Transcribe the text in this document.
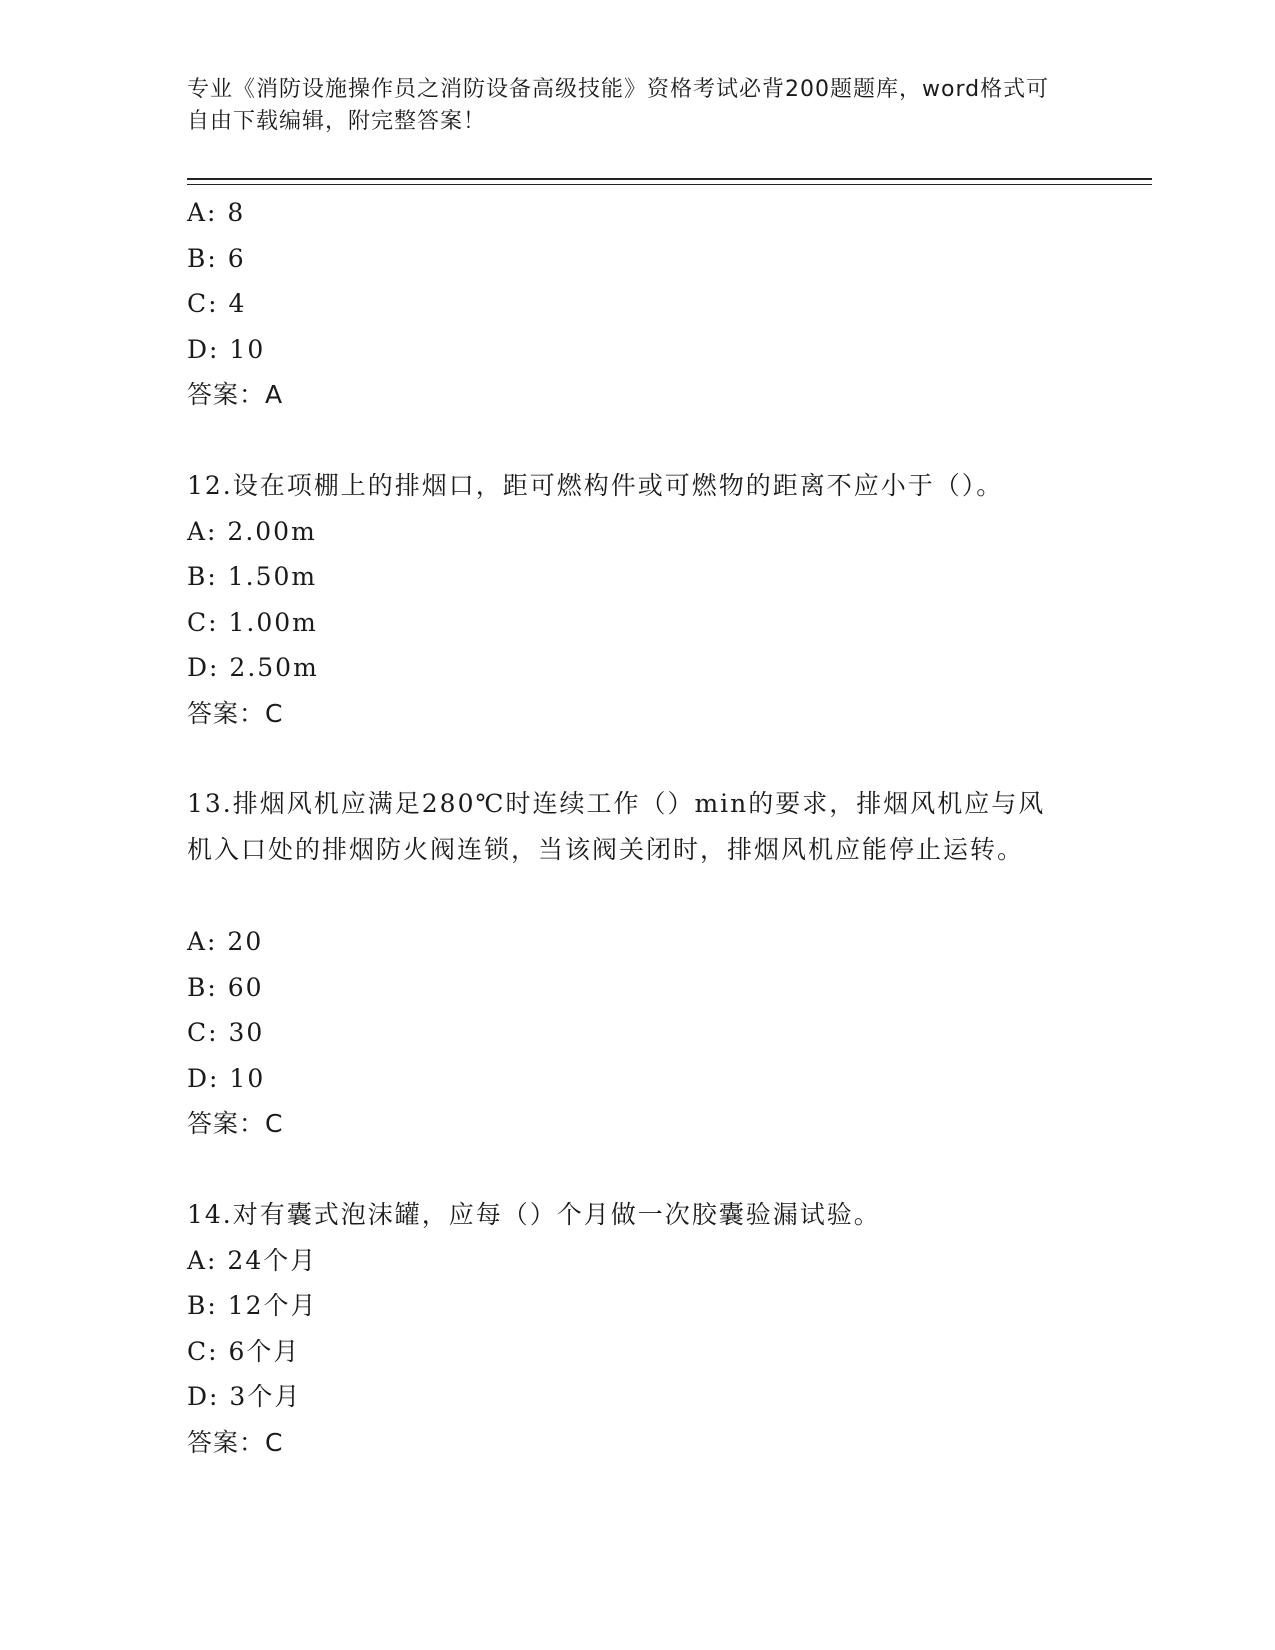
专业《消防设施操作员之消防设备高级技能》资格考试必背200题题库，word格式可自由下载编辑，附完整答案！
A: 8
B: 6
C: 4
D: 10
答案：A
12.设在项棚上的排烟口，距可燃构件或可燃物的距离不应小于（）。
A: 2.00m
B: 1.50m
C: 1.00m
D: 2.50m
答案：C
13.排烟风机应满足280℃时连续工作（）min的要求，排烟风机应与风机入口处的排烟防火阀连锁，当该阀关闭时，排烟风机应能停止运转。
A: 20
B: 60
C: 30
D: 10
答案：C
14.对有囊式泡沫罐，应每（）个月做一次胶囊验漏试验。
A: 24个月
B: 12个月
C: 6个月
D: 3个月
答案：C
